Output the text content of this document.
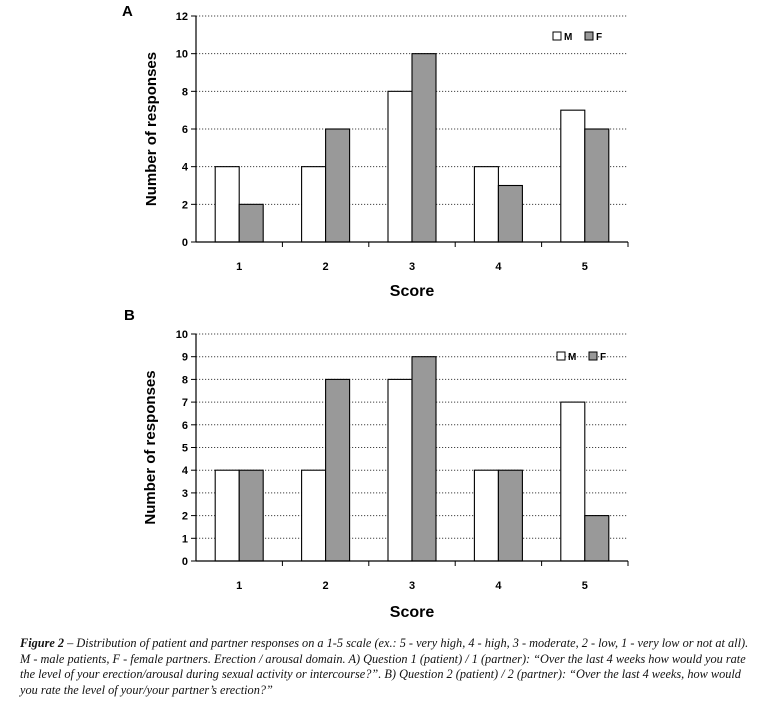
A
1	2	3	4	5
0
2
4
6
8
10
12
Score
Number of responses
M F
B
1	2	3	4	5
0
1
2
3
4
5
6
7
8
9
10
Score
Number of responses
M F

Figure 2 – Distribution of patient and partner responses on a 1-5 scale (ex.: 5 - very high, 4 - high, 3 - moderate, 2 - low, 1 - very low or not at all). M - male patients, F - female partners. Erection / arousal domain. A) Question 1 (patient) / 1 (partner): “Over the last 4 weeks how would you rate the level of your erection/arousal during sexual activity or intercourse?”. B) Question 2 (patient) / 2 (partner): “Over the last 4 weeks, how would you rate the level of your/your partner’s erection?”
